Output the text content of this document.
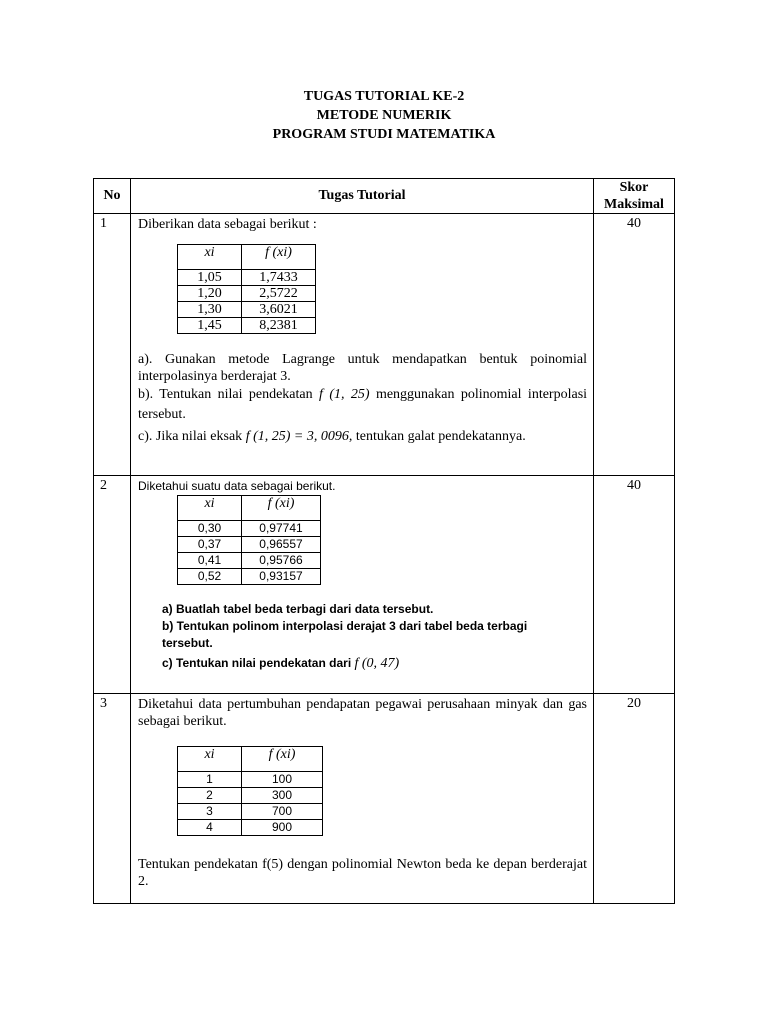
TUGAS TUTORIAL KE-2
METODE NUMERIK
PROGRAM STUDI MATEMATIKA
No	Tugas Tutorial	Skor
Maksimal
1	Diberikan data sebagai berikut :
xi	f (xi)
1,05	1,7433
1,20	2,5722
1,30	3,6021
1,45	8,2381
a). Gunakan metode Lagrange untuk mendapatkan bentuk poinomial interpolasinya berderajat 3.
b). Tentukan nilai pendekatan f (1, 25) menggunakan polinomial interpolasi tersebut.
c). Jika nilai eksak f (1, 25) = 3, 0096, tentukan galat pendekatannya.
	40
2	Diketahui suatu data sebagai berikut.
xi	f (xi)
0,30	0,97741
0,37	0,96557
0,41	0,95766
0,52	0,93157
a) Buatlah tabel beda terbagi dari data tersebut.
b) Tentukan polinom interpolasi derajat 3 dari tabel beda terbagi tersebut.
c) Tentukan nilai pendekatan dari f (0, 47)
	40
3	Diketahui data pertumbuhan pendapatan pegawai perusahaan minyak dan gas sebagai berikut.
xi	f (xi)
1	100
2	300
3	700
4	900
Tentukan pendekatan f(5) dengan polinomial Newton beda ke depan berderajat 2.
	20
